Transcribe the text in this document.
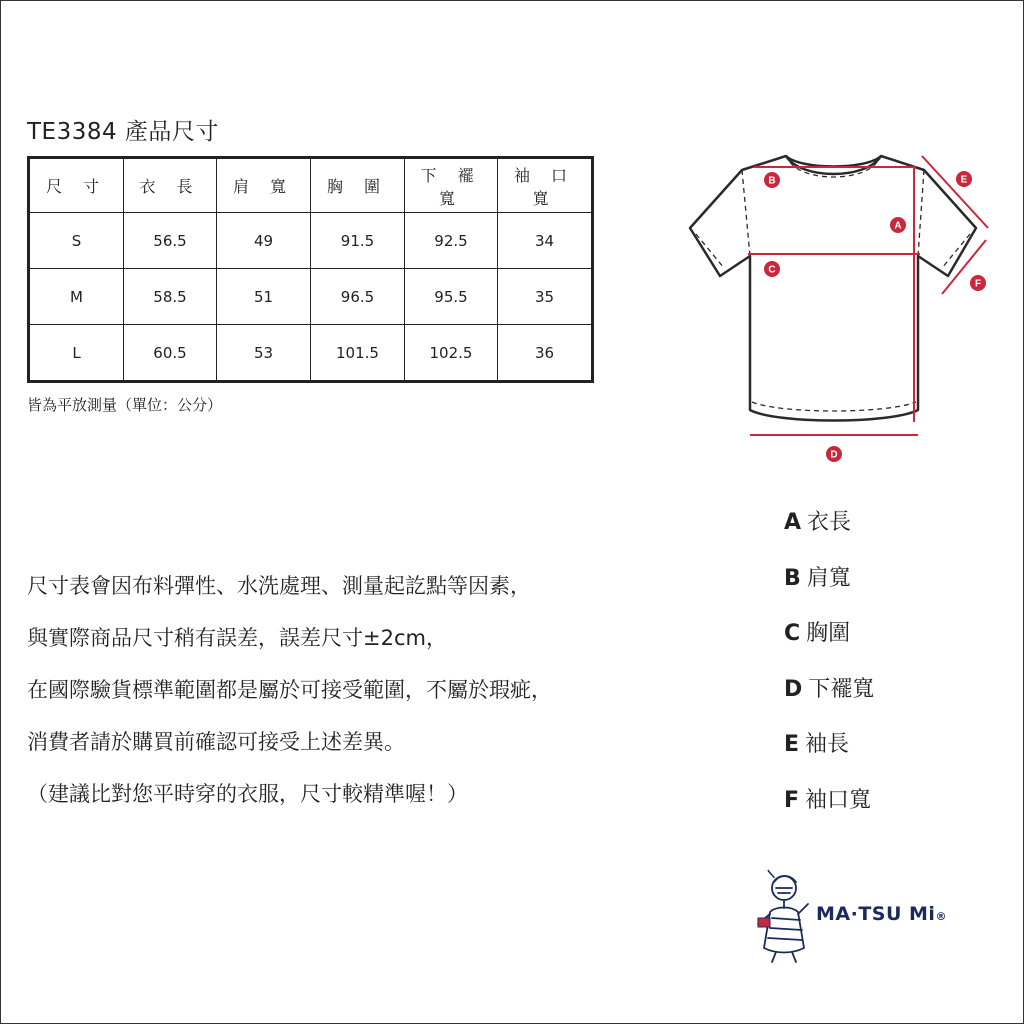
TE3384 產品尺寸
尺 寸	衣 長	肩 寬	胸 圍	下 襬 寬	袖 口 寬
S	56.5	49	91.5	92.5	34
M	58.5	51	96.5	95.5	35
L	60.5	53	101.5	102.5	36
皆為平放測量（單位：公分）
B
A
C
D
E
F
A 衣長
B 肩寬
C 胸圍
D 下襬寬
E 袖長
F 袖口寬
尺寸表會因布料彈性、水洗處理、測量起訖點等因素，
與實際商品尺寸稍有誤差，誤差尺寸±2cm，
在國際驗貨標準範圍都是屬於可接受範圍，不屬於瑕疵，
消費者請於購買前確認可接受上述差異。
（建議比對您平時穿的衣服，尺寸較精準喔！）
MA·TSU Mi®
